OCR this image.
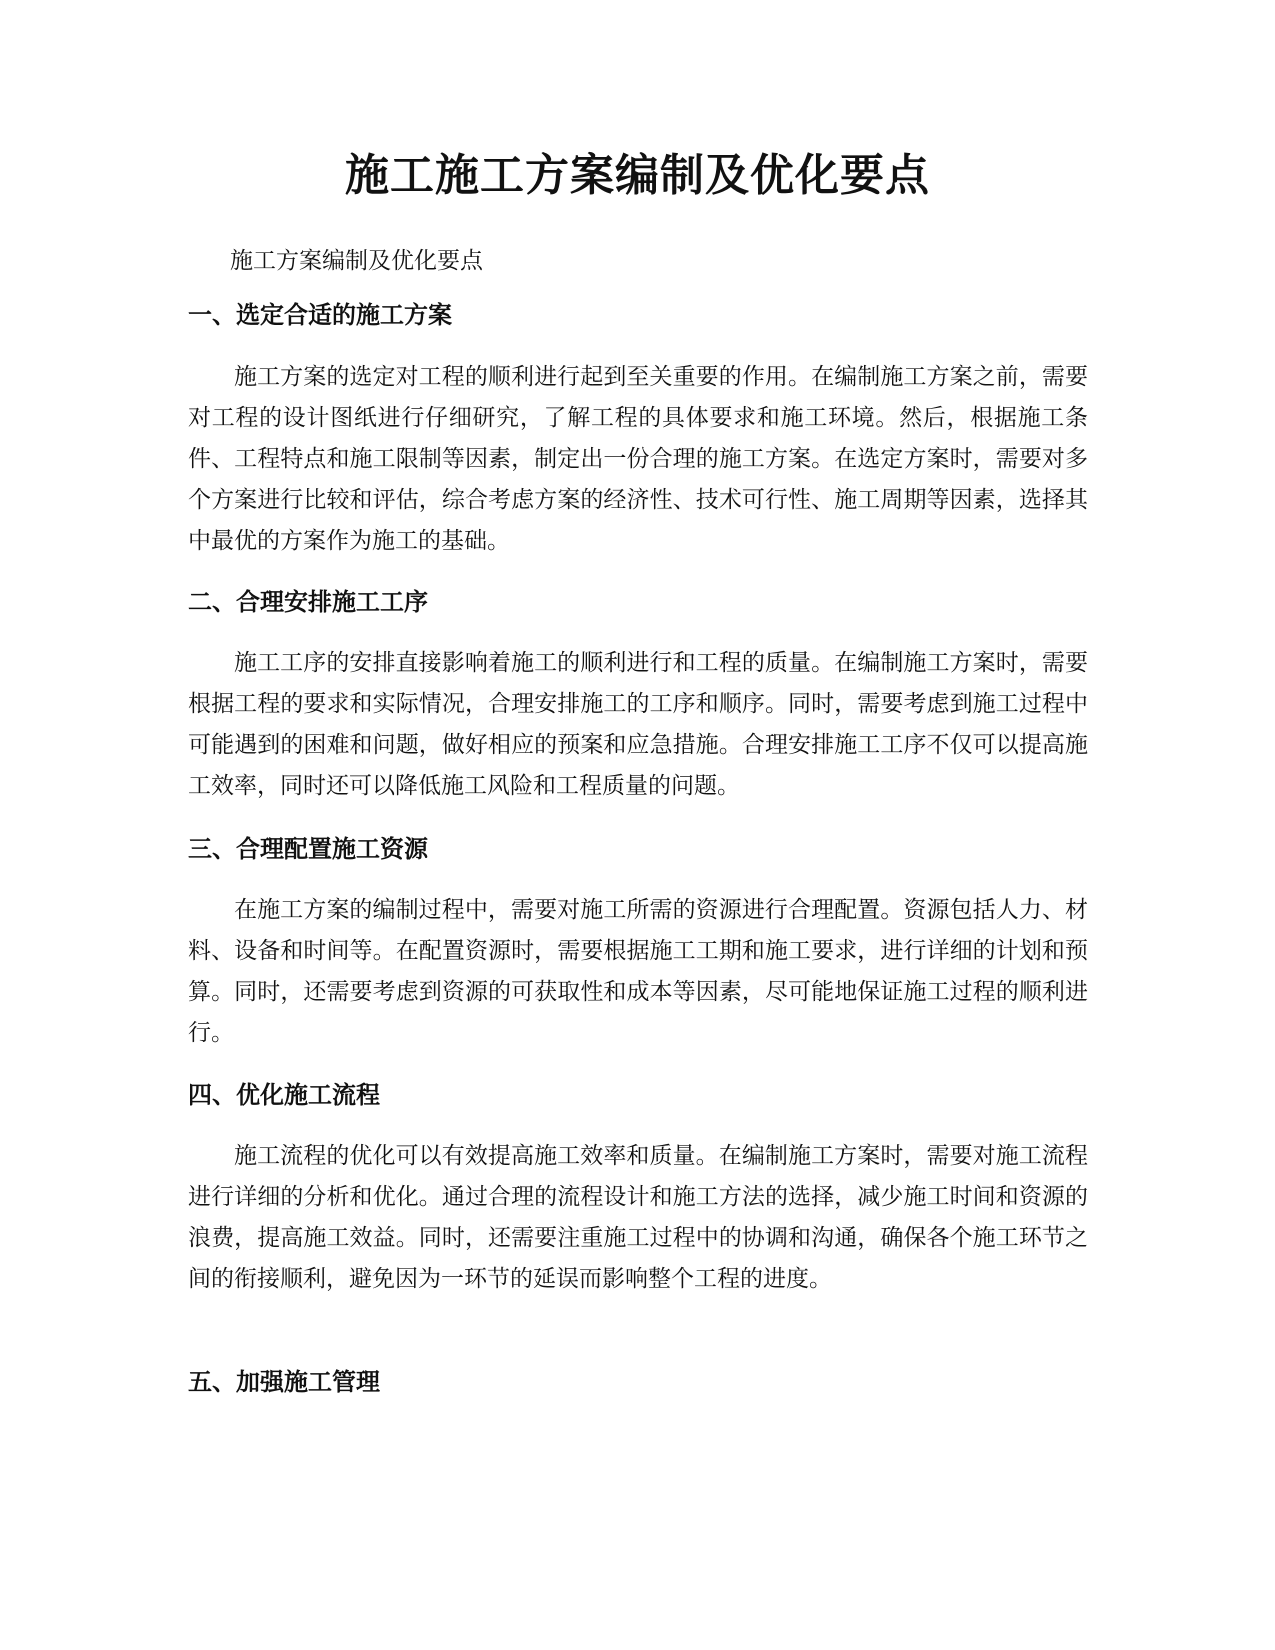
施工施工方案编制及优化要点

施工方案编制及优化要点

一、选定合适的施工方案

施工方案的选定对工程的顺利进行起到至关重要的作用。在编制施工方案之前，需要对工程的设计图纸进行仔细研究，了解工程的具体要求和施工环境。然后，根据施工条件、工程特点和施工限制等因素，制定出一份合理的施工方案。在选定方案时，需要对多个方案进行比较和评估，综合考虑方案的经济性、技术可行性、施工周期等因素，选择其中最优的方案作为施工的基础。

二、合理安排施工工序

施工工序的安排直接影响着施工的顺利进行和工程的质量。在编制施工方案时，需要根据工程的要求和实际情况，合理安排施工的工序和顺序。同时，需要考虑到施工过程中可能遇到的困难和问题，做好相应的预案和应急措施。合理安排施工工序不仅可以提高施工效率，同时还可以降低施工风险和工程质量的问题。

三、合理配置施工资源

在施工方案的编制过程中，需要对施工所需的资源进行合理配置。资源包括人力、材料、设备和时间等。在配置资源时，需要根据施工工期和施工要求，进行详细的计划和预算。同时，还需要考虑到资源的可获取性和成本等因素，尽可能地保证施工过程的顺利进行。

四、优化施工流程

施工流程的优化可以有效提高施工效率和质量。在编制施工方案时，需要对施工流程进行详细的分析和优化。通过合理的流程设计和施工方法的选择，减少施工时间和资源的浪费，提高施工效益。同时，还需要注重施工过程中的协调和沟通，确保各个施工环节之间的衔接顺利，避免因为一环节的延误而影响整个工程的进度。

五、加强施工管理
